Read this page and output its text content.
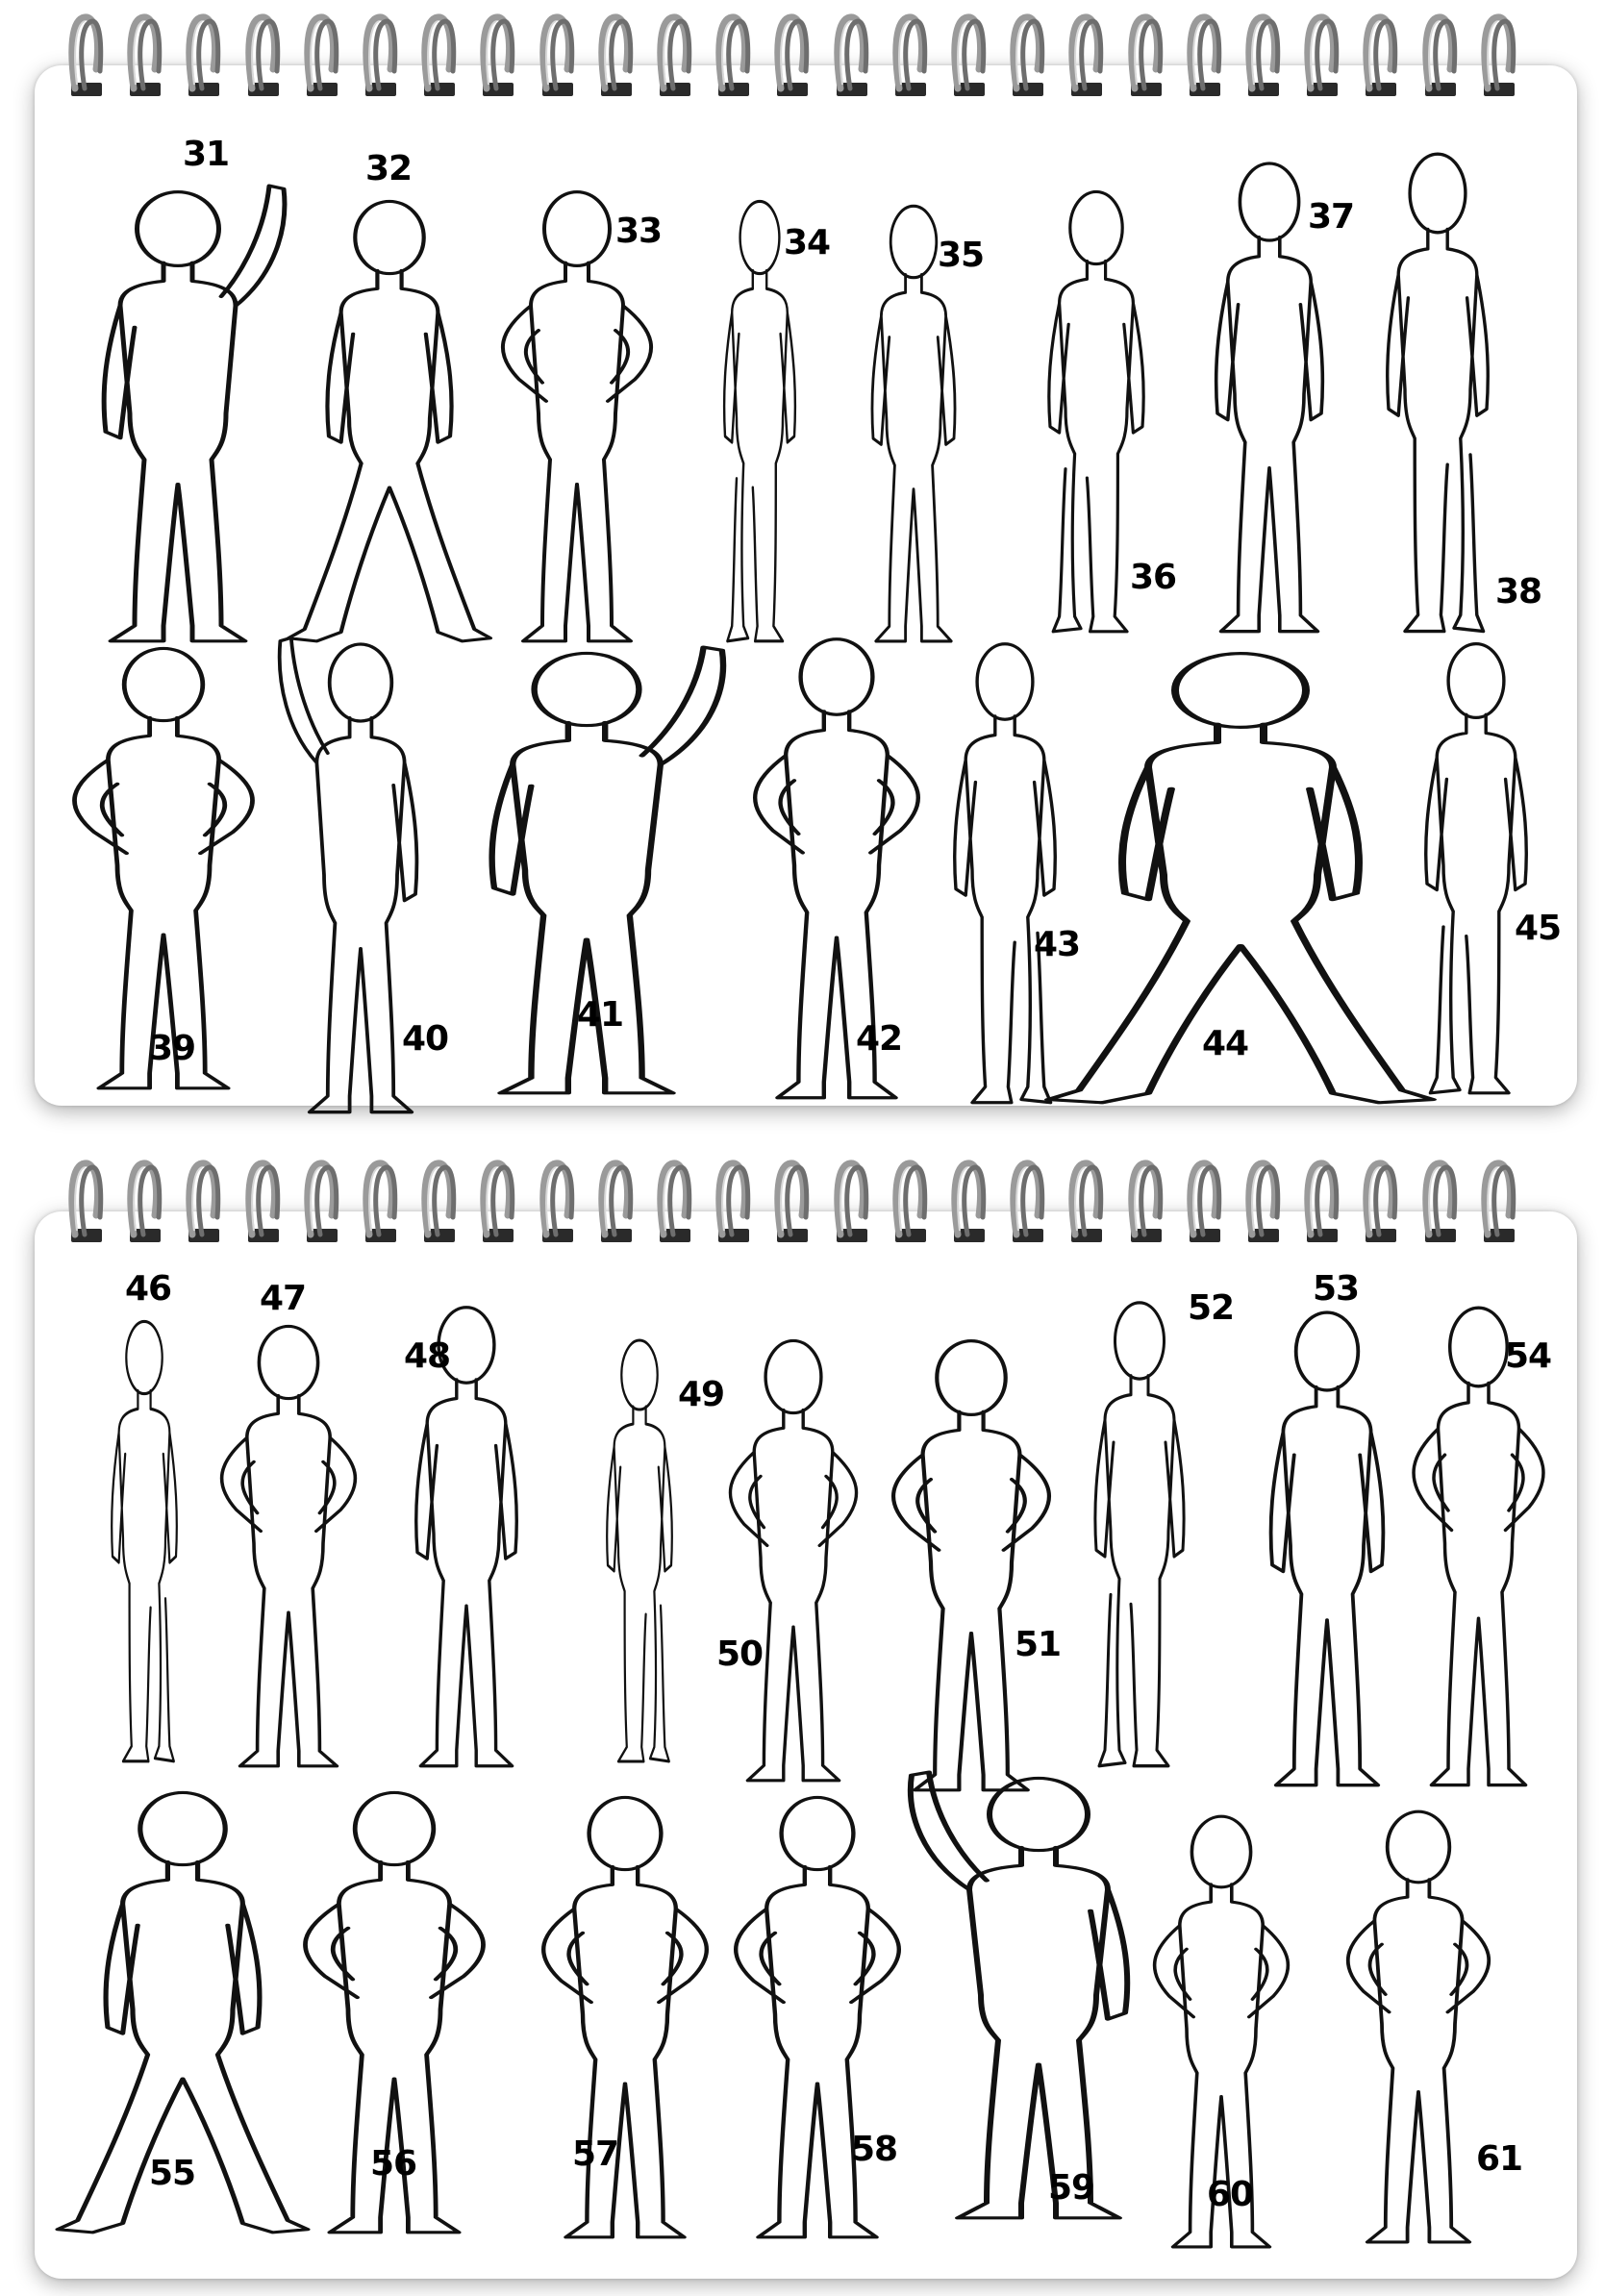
31	32
33	34	35
36
37
38
39	40
41
42
43
44
45
46	47
48
49
50	51
52 53
54
55	56	57	58
59	60
61
